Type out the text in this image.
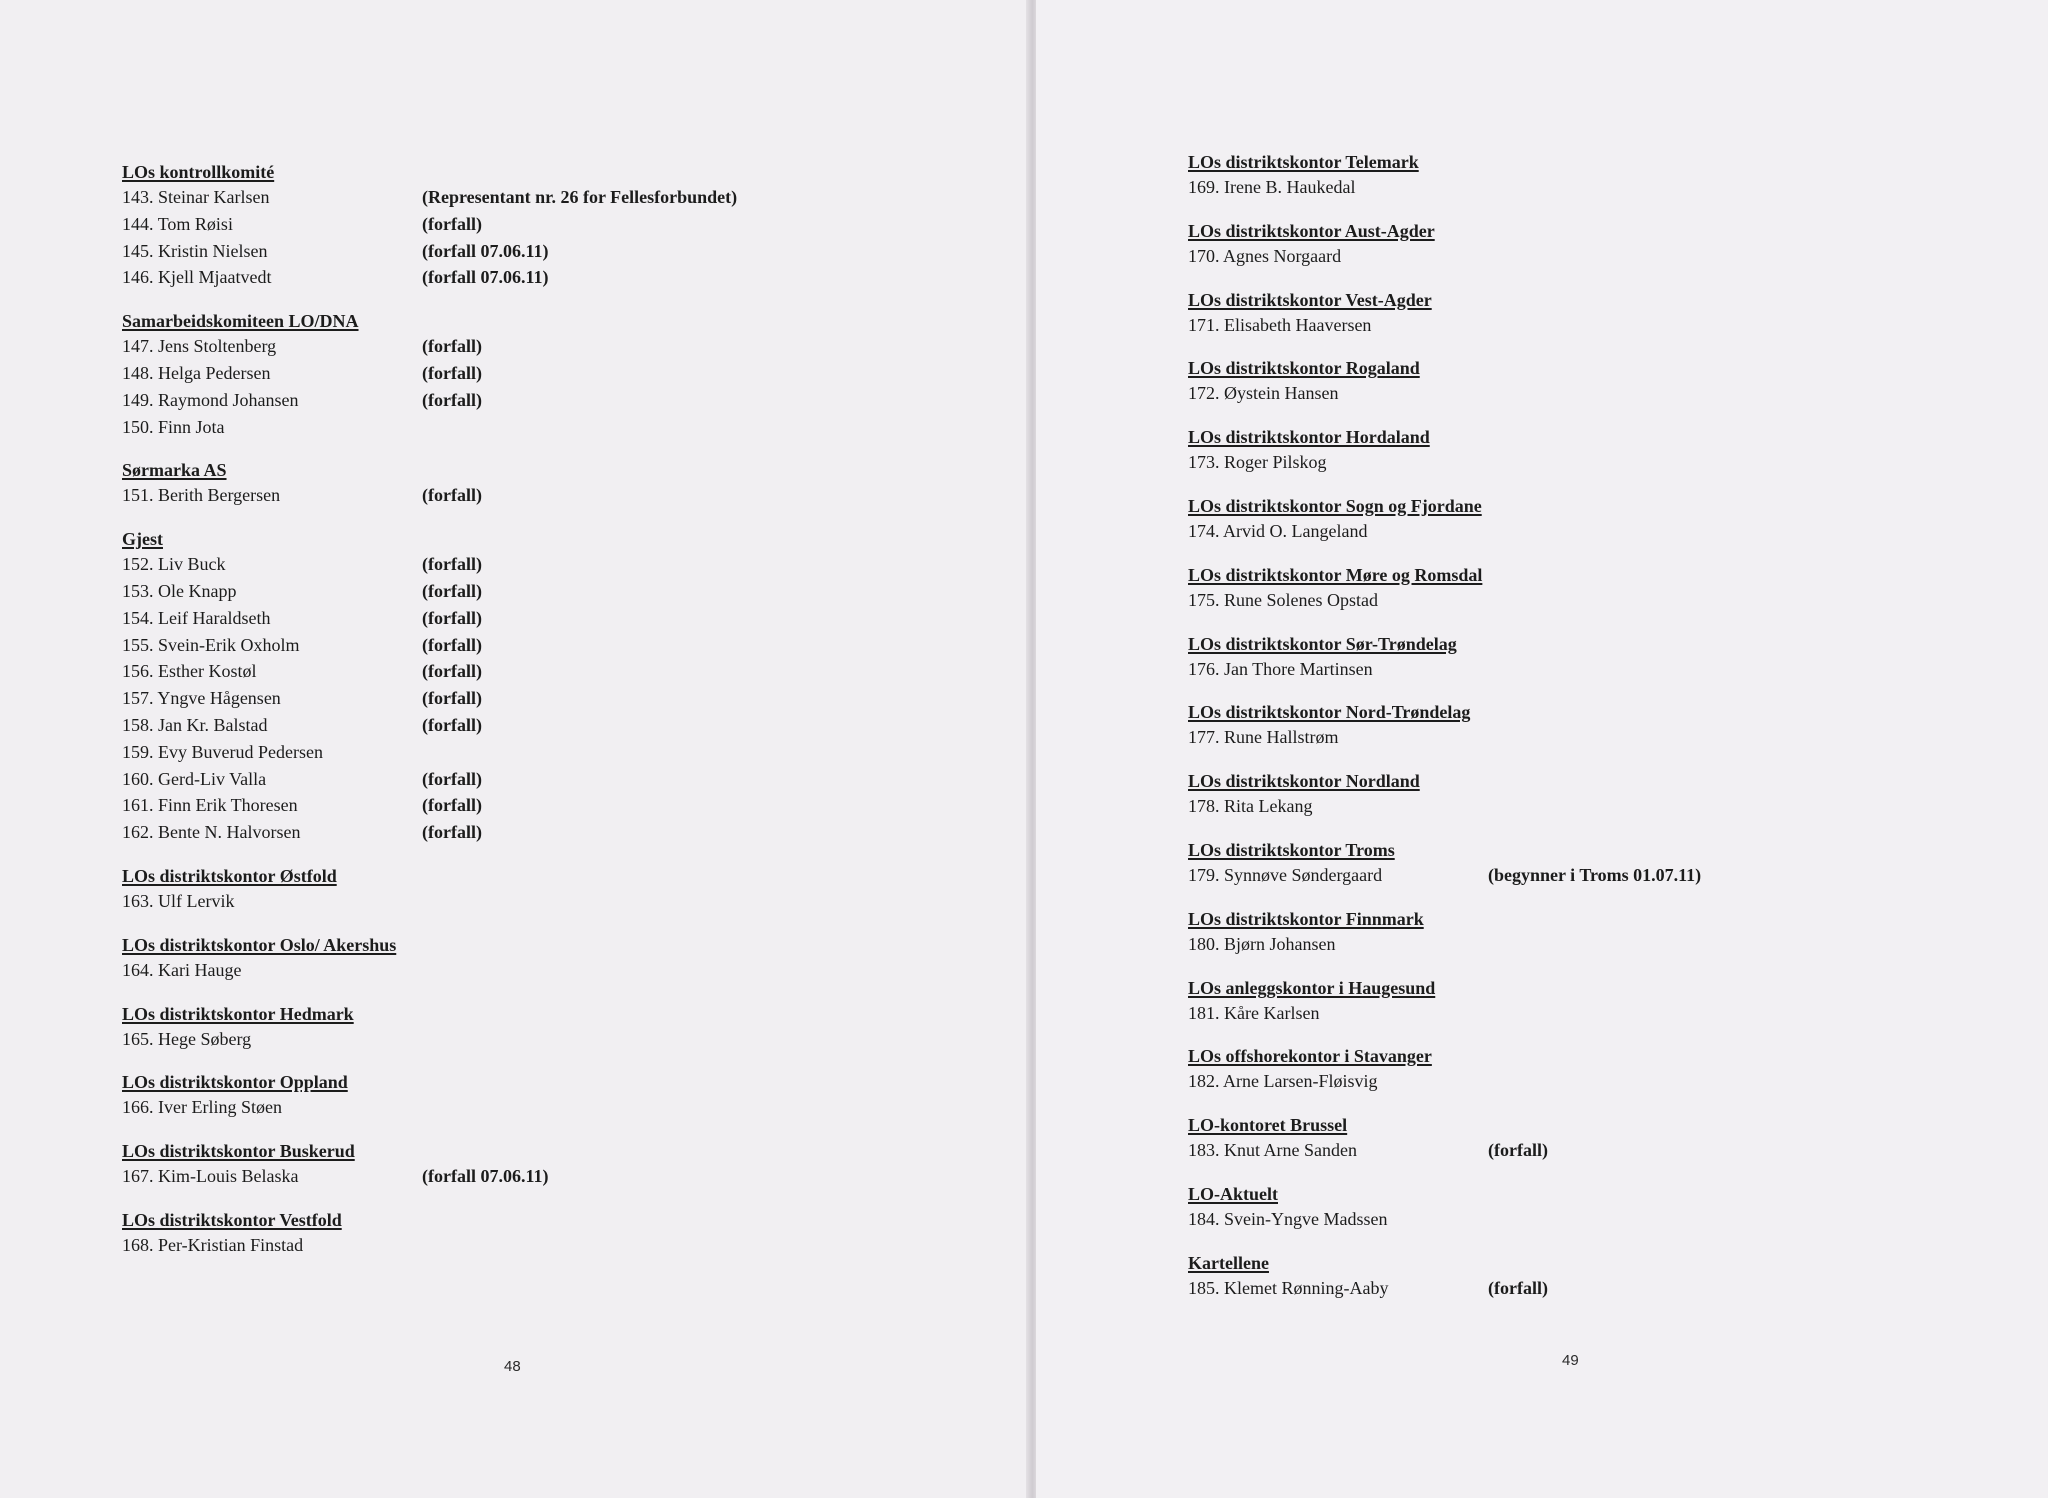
LOs kontrollkomité
143. Steinar Karlsen	(Representant nr. 26 for Fellesforbundet)
144. Tom Røisi	(forfall)
145. Kristin Nielsen	(forfall 07.06.11)
146. Kjell Mjaatvedt	(forfall 07.06.11)
Samarbeidskomiteen LO/DNA
147. Jens Stoltenberg	(forfall)
148. Helga Pedersen	(forfall)
149. Raymond Johansen	(forfall)
150. Finn Jota
Sørmarka AS
151. Berith Bergersen	(forfall)
Gjest
152. Liv Buck	(forfall)
153. Ole Knapp	(forfall)
154. Leif Haraldseth	(forfall)
155. Svein-Erik Oxholm	(forfall)
156. Esther Kostøl	(forfall)
157. Yngve Hågensen	(forfall)
158. Jan Kr. Balstad	(forfall)
159. Evy Buverud Pedersen
160. Gerd-Liv Valla	(forfall)
161. Finn Erik Thoresen	(forfall)
162. Bente N. Halvorsen	(forfall)
LOs distriktskontor Østfold
163. Ulf Lervik
LOs distriktskontor Oslo/ Akershus
164. Kari Hauge
LOs distriktskontor Hedmark
165. Hege Søberg
LOs distriktskontor Oppland
166. Iver Erling Støen
LOs distriktskontor Buskerud
167. Kim-Louis Belaska	(forfall 07.06.11)
LOs distriktskontor Vestfold
168. Per-Kristian Finstad
48	49
LOs distriktskontor Telemark
169. Irene B. Haukedal
LOs distriktskontor Aust-Agder
170. Agnes Norgaard
LOs distriktskontor Vest-Agder
171. Elisabeth Haaversen
LOs distriktskontor Rogaland
172. Øystein Hansen
LOs distriktskontor Hordaland
173. Roger Pilskog
LOs distriktskontor Sogn og Fjordane
174. Arvid O. Langeland
LOs distriktskontor Møre og Romsdal
175. Rune Solenes Opstad
LOs distriktskontor Sør-Trøndelag
176. Jan Thore Martinsen
LOs distriktskontor Nord-Trøndelag
177. Rune Hallstrøm
LOs distriktskontor Nordland
178. Rita Lekang
LOs distriktskontor Troms
179. Synnøve Søndergaard	(begynner i Troms 01.07.11)
LOs distriktskontor Finnmark
180. Bjørn Johansen
LOs anleggskontor i Haugesund
181. Kåre Karlsen
LOs offshorekontor i Stavanger
182. Arne Larsen-Fløisvig
LO-kontoret Brussel
183. Knut Arne Sanden	(forfall)
LO-Aktuelt
184. Svein-Yngve Madssen
Kartellene
185. Klemet Rønning-Aaby	(forfall)
